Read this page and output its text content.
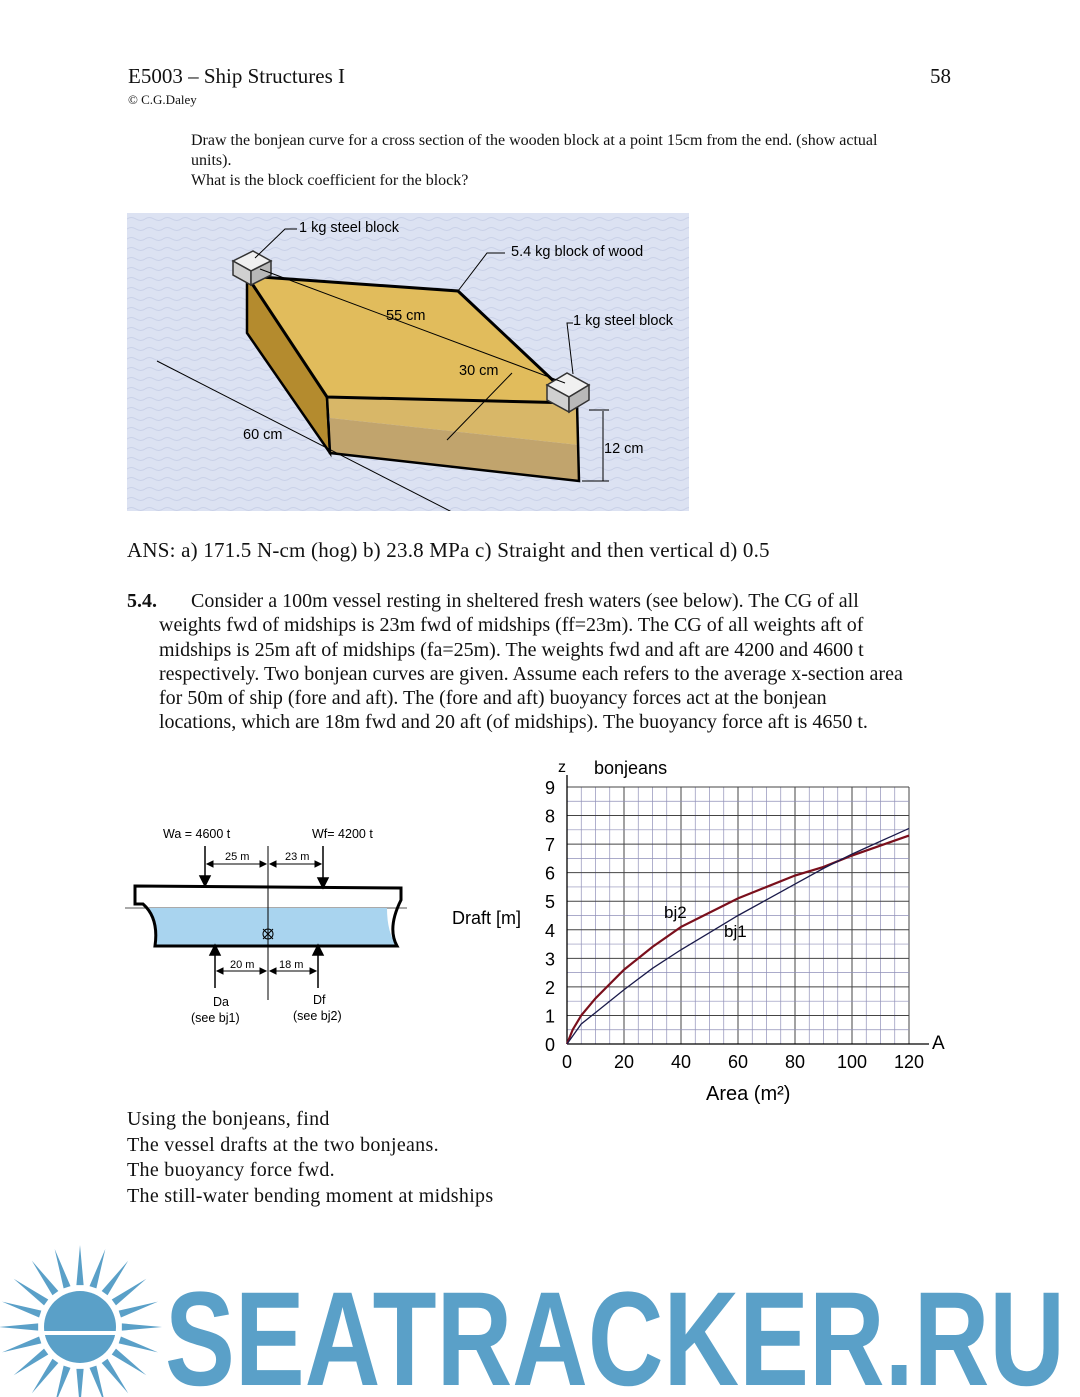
E5003 – Ship Structures I
© C.G.Daley
58
Draw the bonjean curve for a cross section of the wooden block at a point 15cm from the end. (show actual
units).
What is the block coefficient for the block?
1 kg steel block
5.4 kg block of wood
1 kg steel block
55 cm
30 cm
60 cm
12 cm
ANS: a) 171.5 N-cm (hog) b) 23.8 MPa c) Straight and then vertical d) 0.5
5.4. Consider a 100m vessel resting in sheltered fresh waters (see below). The CG of all
weights fwd of midships is 23m fwd of midships (ff=23m). The CG of all weights aft of
midships is 25m aft of midships (fa=25m). The weights fwd and aft are 4200 and 4600 t
respectively. Two bonjean curves are given. Assume each refers to the average x-section area
for 50m of ship (fore and aft). The (fore and aft) buoyancy forces act at the bonjean
locations, which are 18m fwd and 20 aft (of midships). The buoyancy force aft is 4650 t.
Wa = 4600 t	Wf= 4200 t
25 m	23 m
20 m 18 m
Da
(see bj1)
Df
(see bj2)
0 20 40 60 80 100 120
0
1
2
3
4
5
6
7
8
9
z bonjeans
Draft [m]
A
Area (m²)
bj2
bj1
Using the bonjeans, find
The vessel drafts at the two bonjeans.
The buoyancy force fwd.
The still-water bending moment at midships
SEATRACKER.RU
